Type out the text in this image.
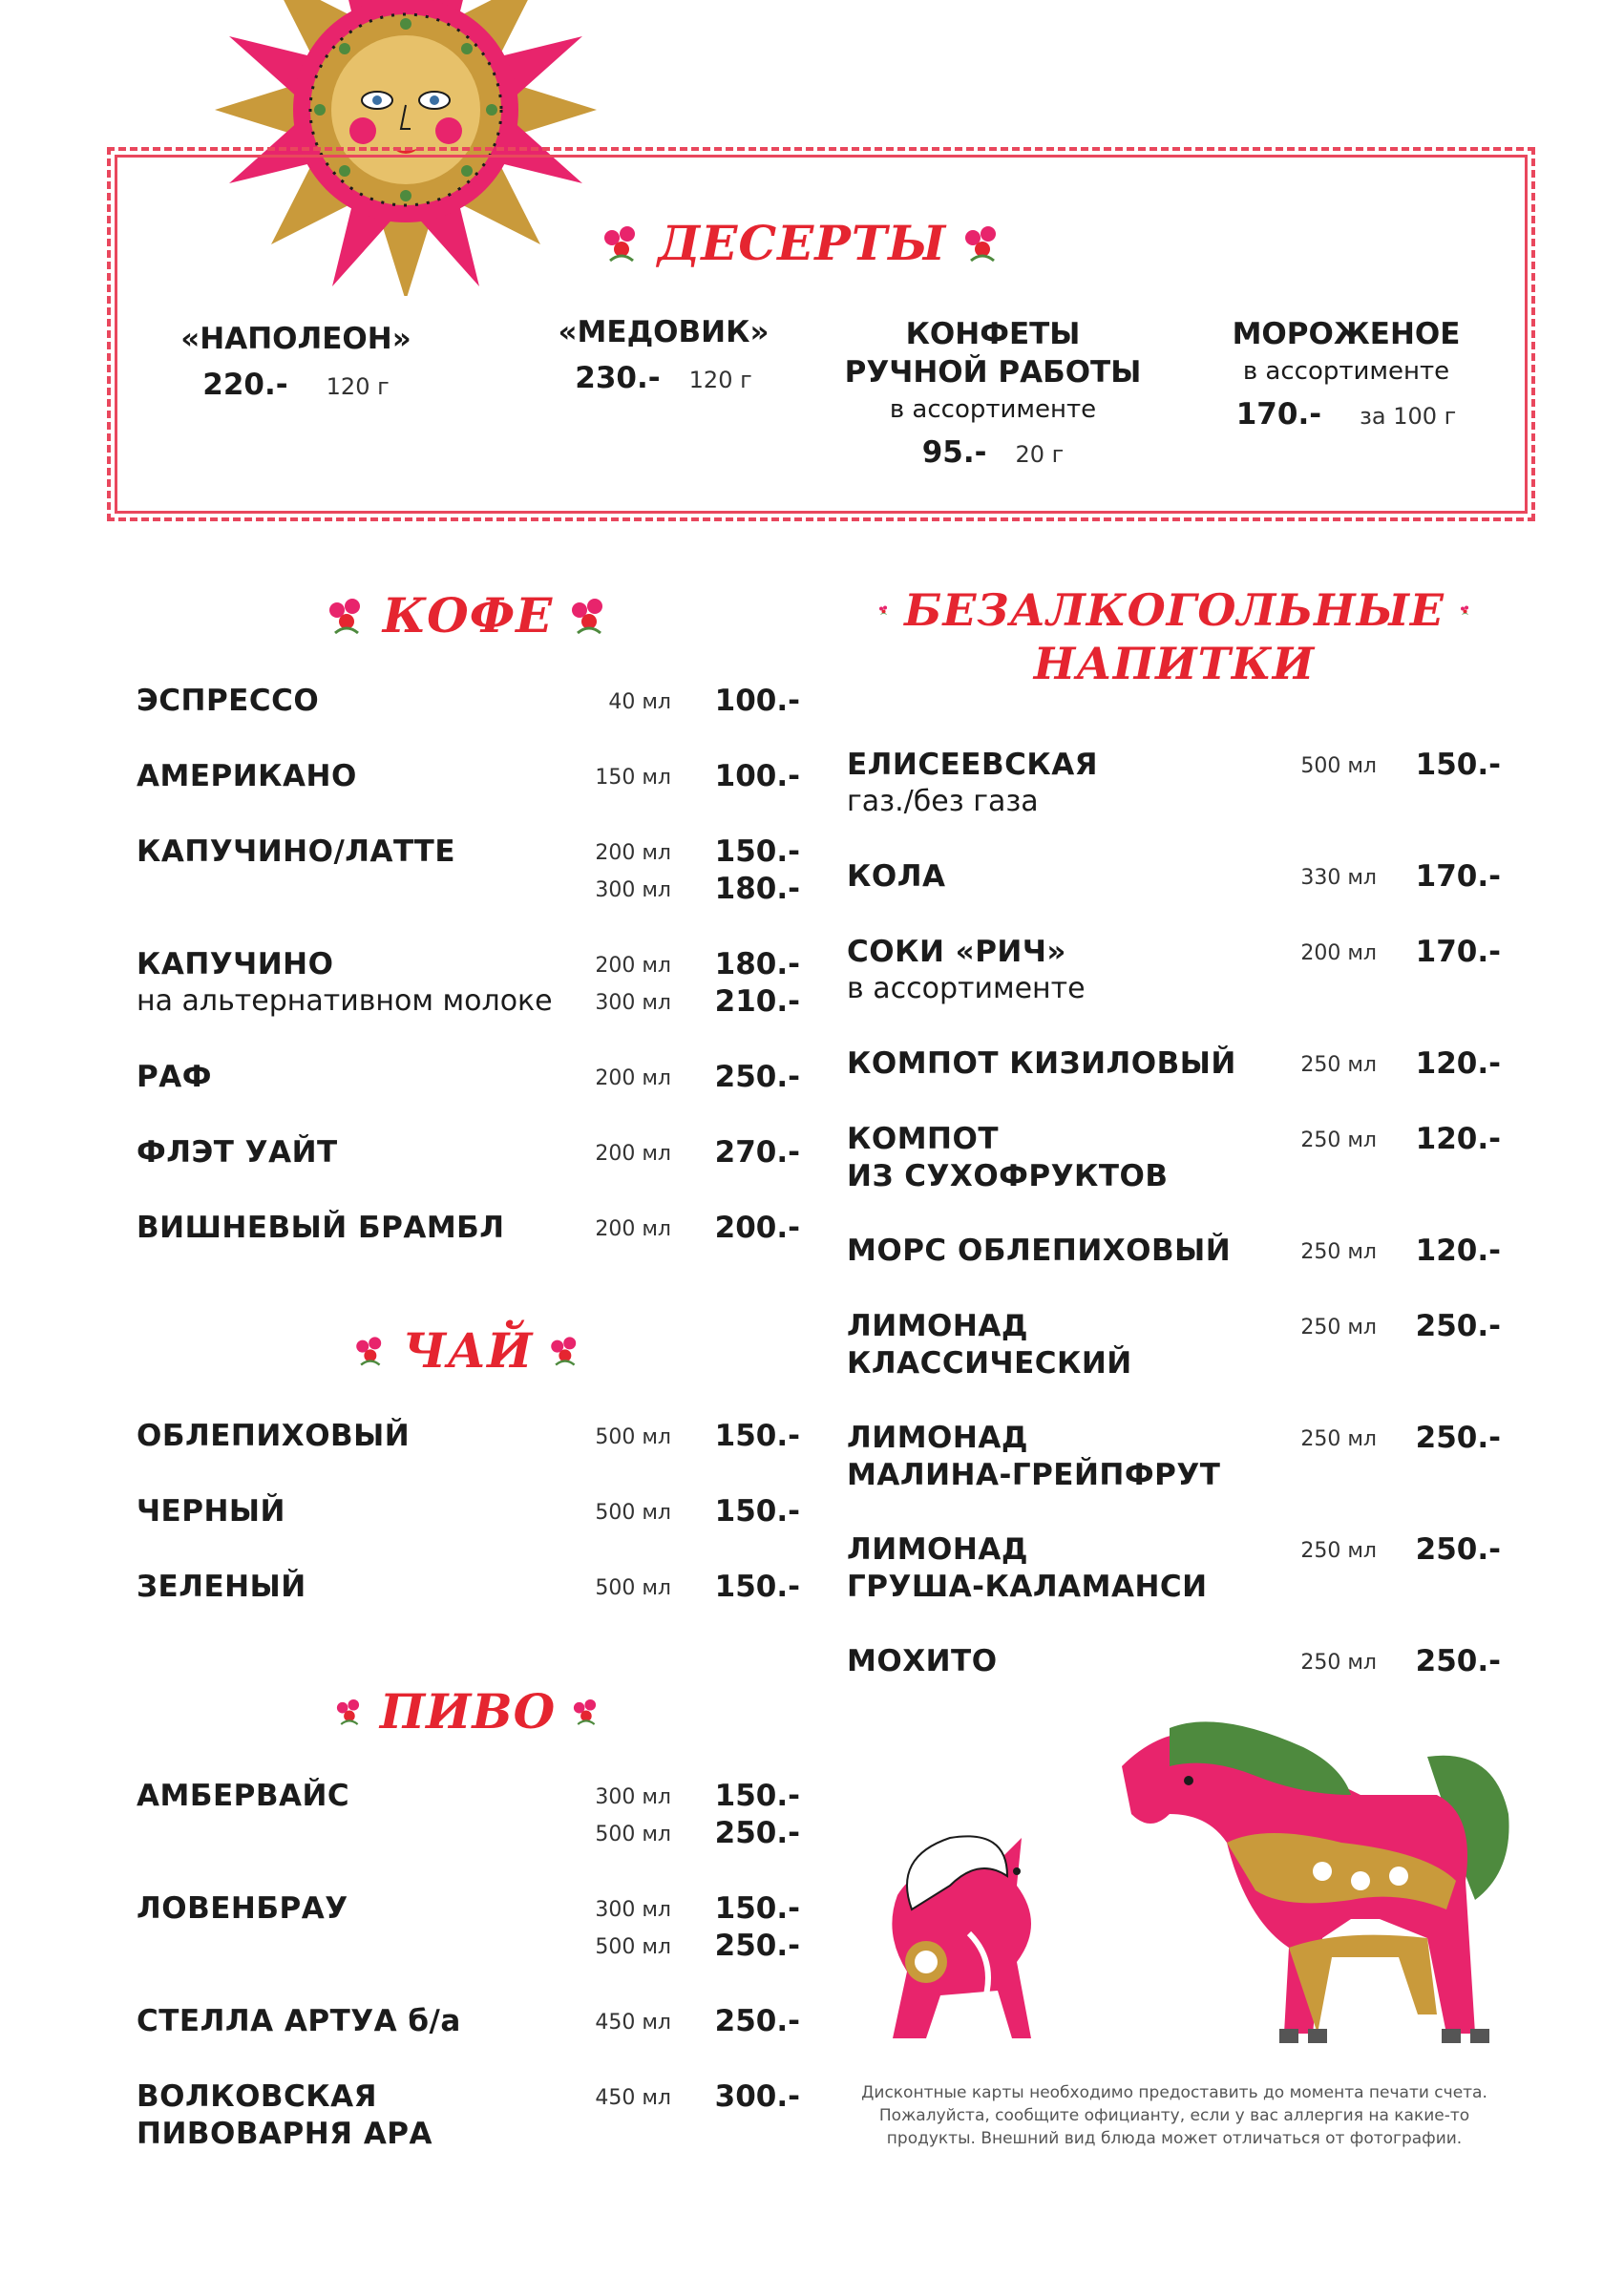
ДЕСЕРТЫ
«НАПОЛЕОН»
220.- 120 г
«МЕДОВИК»
230.- 120 г
КОНФЕТЫ
РУЧНОЙ РАБОТЫ
в ассортименте
95.- 20 г
МОРОЖЕНОЕ
в ассортименте
170.- за 100 г
КОФЕ
ЭСПРЕССО	40 мл	100.-
АМЕРИКАНО	150 мл	100.-
КАПУЧИНО/ЛАТТЕ	200 мл	150.-
300 мл	180.-
КАПУЧИНО
на альтернативном молоке
200 мл	180.-
300 мл	210.-
РАФ	200 мл	250.-
ФЛЭТ УАЙТ	200 мл	270.-
ВИШНЕВЫЙ БРАМБЛ	200 мл	200.-
ЧАЙ
ОБЛЕПИХОВЫЙ	500 мл	150.-
ЧЕРНЫЙ	500 мл	150.-
ЗЕЛЕНЫЙ	500 мл	150.-
ПИВО
АМБЕРВАЙС	300 мл	150.-
500 мл	250.-
ЛОВЕНБРАУ	300 мл	150.-
500 мл	250.-
СТЕЛЛА АРТУА б/а	450 мл	250.-
ВОЛКОВСКАЯ
ПИВОВАРНЯ АРА
450 мл	300.-
БЕЗАЛКОГОЛЬНЫЕ
НАПИТКИ
ЕЛИСЕЕВСКАЯ
газ./без газа
500 мл	150.-
КОЛА	330 мл	170.-
СОКИ «РИЧ»
в ассортименте
200 мл	170.-
КОМПОТ КИЗИЛОВЫЙ	250 мл	120.-
КОМПОТ
ИЗ СУХОФРУКТОВ
250 мл	120.-
МОРС ОБЛЕПИХОВЫЙ	250 мл	120.-
ЛИМОНАД
КЛАССИЧЕСКИЙ
250 мл	250.-
ЛИМОНАД
МАЛИНА-ГРЕЙПФРУТ
250 мл	250.-
ЛИМОНАД
ГРУША-КАЛАМАНСИ
250 мл	250.-
МОХИТО	250 мл	250.-
Дисконтные карты необходимо предоставить до момента печати счета.
Пожалуйста, сообщите официанту, если у вас аллергия на какие-то
продукты. Внешний вид блюда может отличаться от фотографии.
